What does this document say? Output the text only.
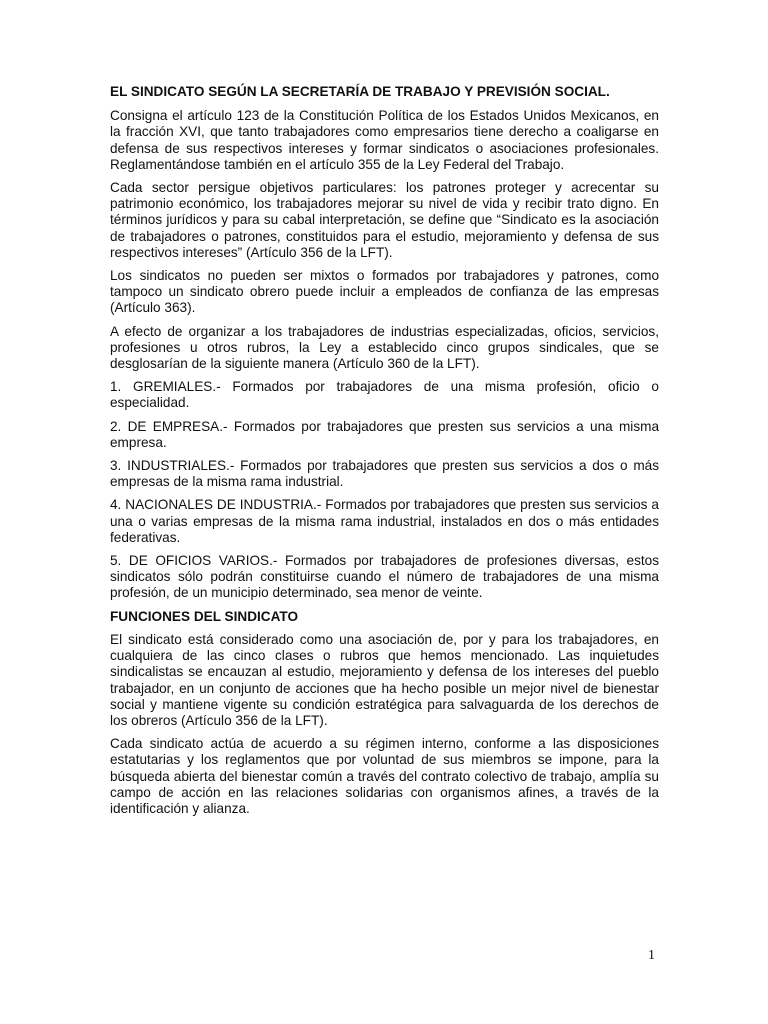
EL SINDICATO SEGÚN LA SECRETARÍA DE TRABAJO Y PREVISIÓN SOCIAL.

Consigna el artículo 123 de la Constitución Política de los Estados Unidos Mexicanos, en la fracción XVI, que tanto trabajadores como empresarios tiene derecho a coaligarse en defensa de sus respectivos intereses y formar sindicatos o asociaciones profesionales. Reglamentándose también en el artículo 355 de la Ley Federal del Trabajo.

Cada sector persigue objetivos particulares: los patrones proteger y acrecentar su patrimonio económico, los trabajadores mejorar su nivel de vida y recibir trato digno. En términos jurídicos y para su cabal interpretación, se define que “Sindicato es la asociación de trabajadores o patrones, constituidos para el estudio, mejoramiento y defensa de sus respectivos intereses” (Artículo 356 de la LFT).

Los sindicatos no pueden ser mixtos o formados por trabajadores y patrones, como tampoco un sindicato obrero puede incluir a empleados de confianza de las empresas (Artículo 363).

A efecto de organizar a los trabajadores de industrias especializadas, oficios, servicios, profesiones u otros rubros, la Ley a establecido cinco grupos sindicales, que se desglosarían de la siguiente manera (Artículo 360 de la LFT).

1. GREMIALES.- Formados por trabajadores de una misma profesión, oficio o especialidad.

2. DE EMPRESA.- Formados por trabajadores que presten sus servicios a una misma empresa.

3. INDUSTRIALES.- Formados por trabajadores que presten sus servicios a dos o más empresas de la misma rama industrial.

4. NACIONALES DE INDUSTRIA.- Formados por trabajadores que presten sus servicios a una o varias empresas de la misma rama industrial, instalados en dos o más entidades federativas.

5. DE OFICIOS VARIOS.- Formados por trabajadores de profesiones diversas, estos sindicatos sólo podrán constituirse cuando el número de trabajadores de una misma profesión, de un municipio determinado, sea menor de veinte.

FUNCIONES DEL SINDICATO

El sindicato está considerado como una asociación de, por y para los trabajadores, en cualquiera de las cinco clases o rubros que hemos mencionado. Las inquietudes sindicalistas se encauzan al estudio, mejoramiento y defensa de los intereses del pueblo trabajador, en un conjunto de acciones que ha hecho posible un mejor nivel de bienestar social y mantiene vigente su condición estratégica para salvaguarda de los derechos de los obreros (Artículo 356 de la LFT).

Cada sindicato actúa de acuerdo a su régimen interno, conforme a las disposiciones estatutarias y los reglamentos que por voluntad de sus miembros se impone, para la búsqueda abierta del bienestar común a través del contrato colectivo de trabajo, amplía su campo de acción en las relaciones solidarias con organismos afines, a través de la identificación y alianza.

1
